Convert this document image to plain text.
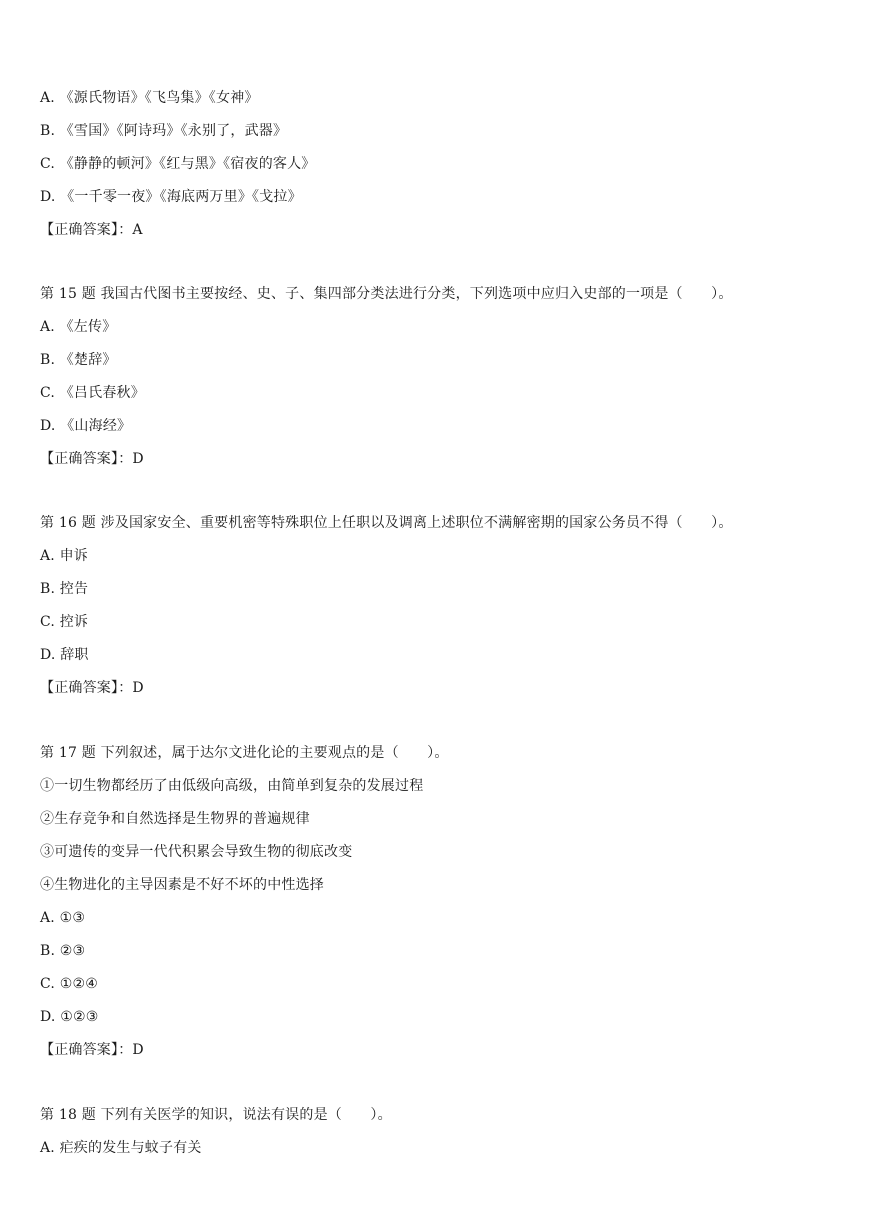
A. 《源氏物语》《飞鸟集》《女神》
B. 《雪国》《阿诗玛》《永别了，武器》
C. 《静静的顿河》《红与黑》《宿夜的客人》
D. 《一千零一夜》《海底两万里》《戈拉》
【正确答案】：A
第 15 题 我国古代图书主要按经、史、子、集四部分类法进行分类，下列选项中应归入史部的一项是（　　）。
A. 《左传》
B. 《楚辞》
C. 《吕氏春秋》
D. 《山海经》
【正确答案】：D
第 16 题 涉及国家安全、重要机密等特殊职位上任职以及调离上述职位不满解密期的国家公务员不得（　　）。
A. 申诉
B. 控告
C. 控诉
D. 辞职
【正确答案】：D
第 17 题 下列叙述，属于达尔文进化论的主要观点的是（　　）。
①一切生物都经历了由低级向高级，由简单到复杂的发展过程
②生存竞争和自然选择是生物界的普遍规律
③可遗传的变异一代代积累会导致生物的彻底改变
④生物进化的主导因素是不好不坏的中性选择
A. ①③
B. ②③
C. ①②④
D. ①②③
【正确答案】：D
第 18 题 下列有关医学的知识，说法有误的是（　　）。
A. 疟疾的发生与蚊子有关
